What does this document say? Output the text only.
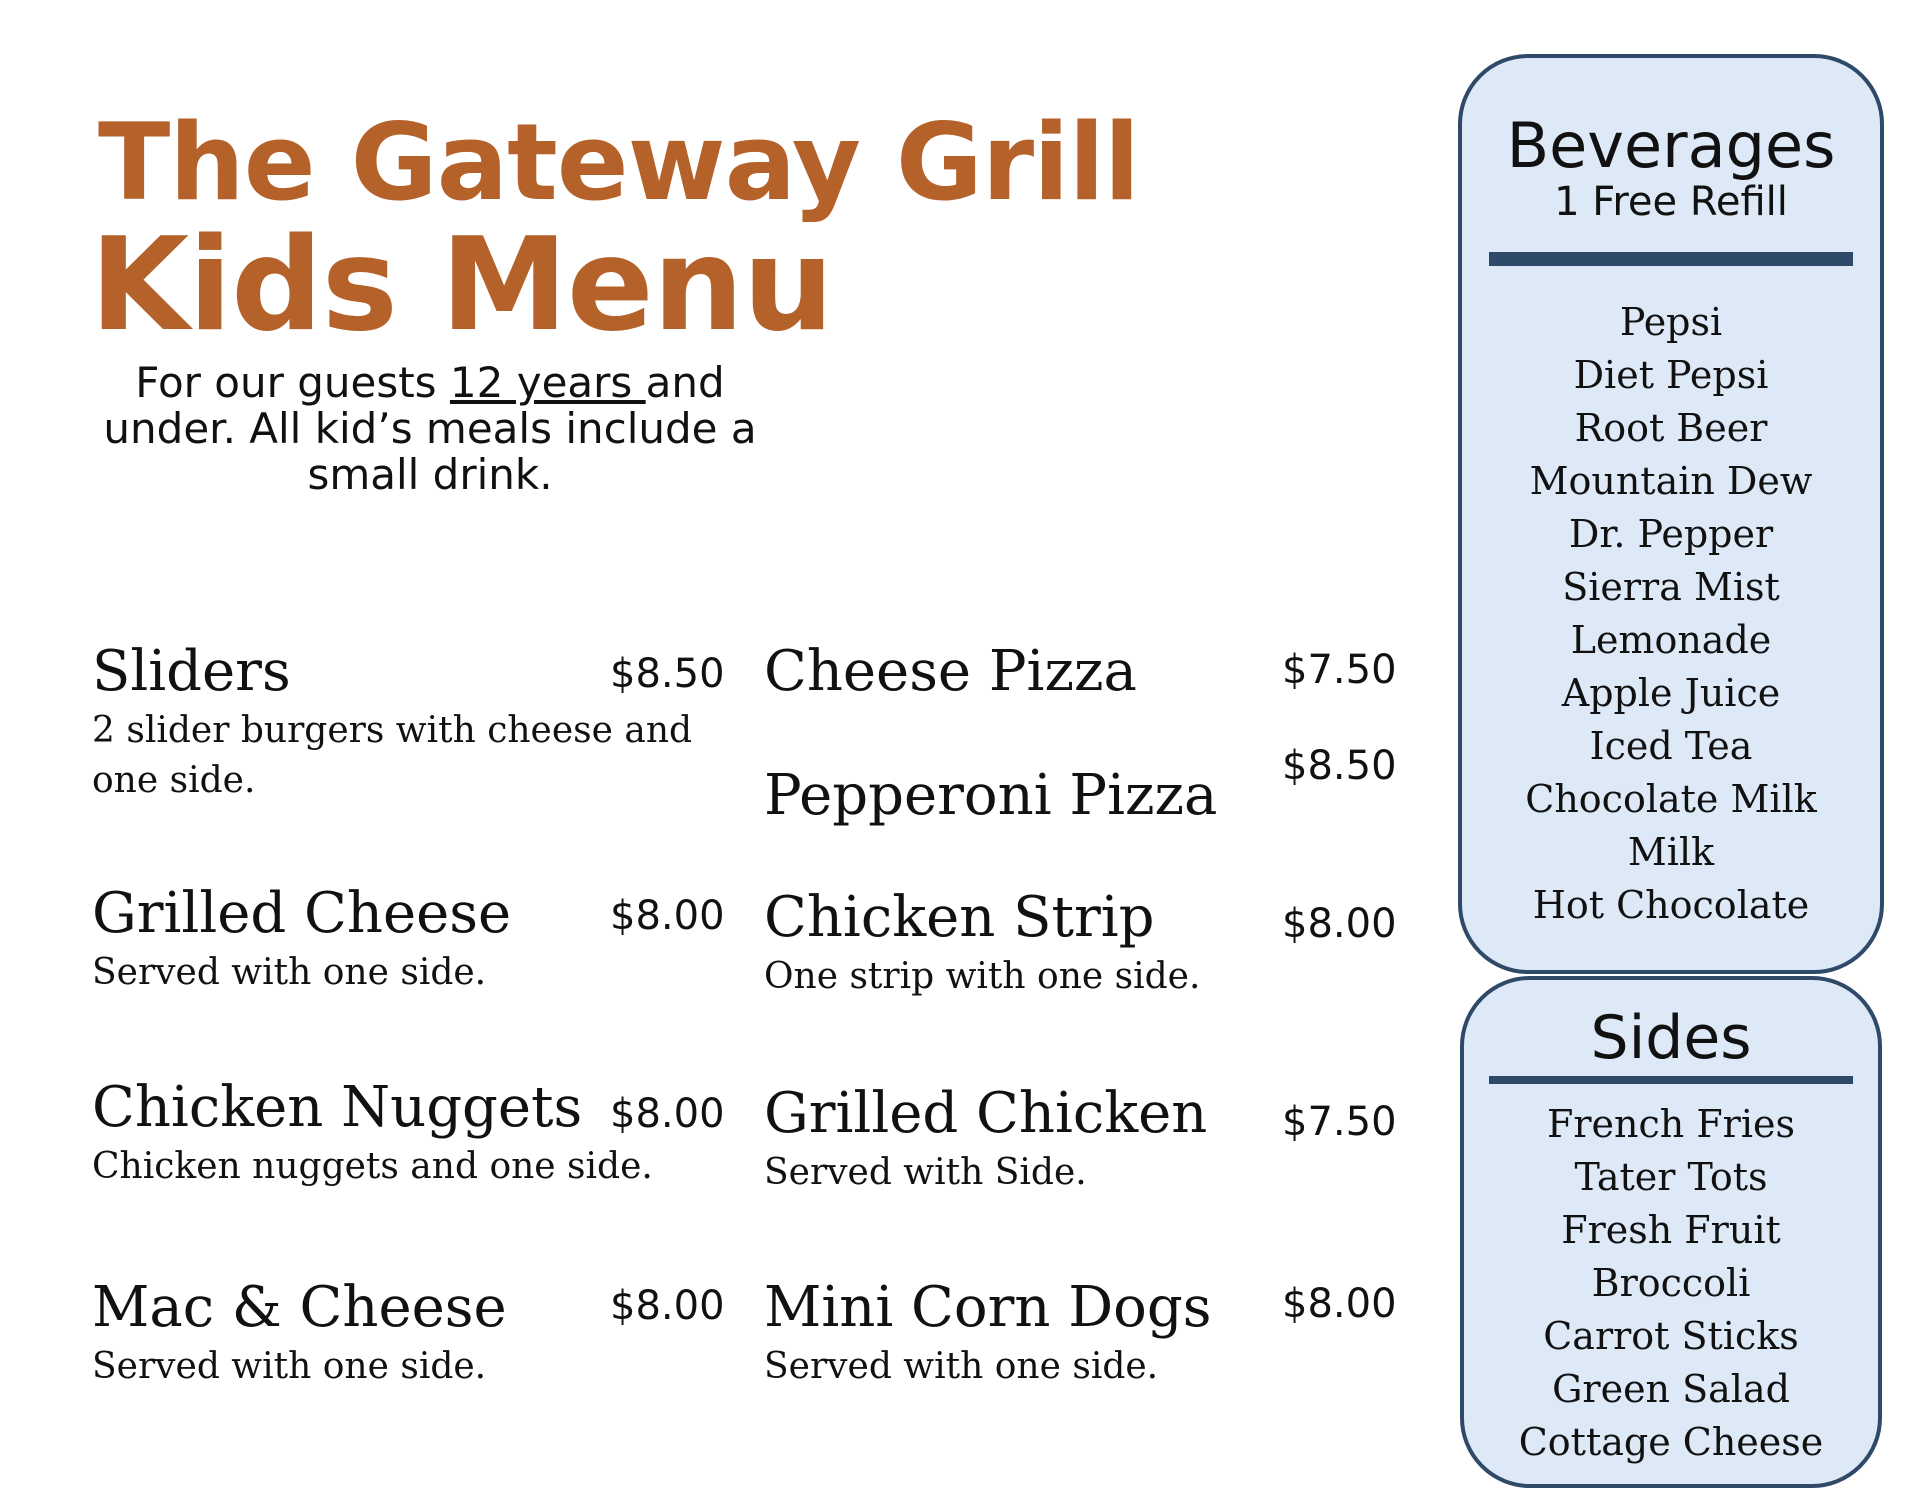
The Gateway Grill
Kids Menu
For our guests 12 years and under. All kid’s meals include a small drink.
Sliders
2 slider burgers with cheese and one side.
$8.50
Grilled Cheese
Served with one side.
$8.00
Chicken Nuggets
Chicken nuggets and one side.
$8.00
Mac & Cheese
Served with one side.
$8.00
Cheese Pizza	$7.50
Pepperoni Pizza	$8.50
Chicken Strip
One strip with one side.
$8.00
Grilled Chicken
Served with Side.
$7.50
Mini Corn Dogs
Served with one side.
$8.00
Beverages
1 Free Refill
Pepsi
Diet Pepsi
Root Beer
Mountain Dew
Dr. Pepper
Sierra Mist
Lemonade
Apple Juice
Iced Tea
Chocolate Milk
Milk
Hot Chocolate
Sides
French Fries
Tater Tots
Fresh Fruit
Broccoli
Carrot Sticks
Green Salad
Cottage Cheese
